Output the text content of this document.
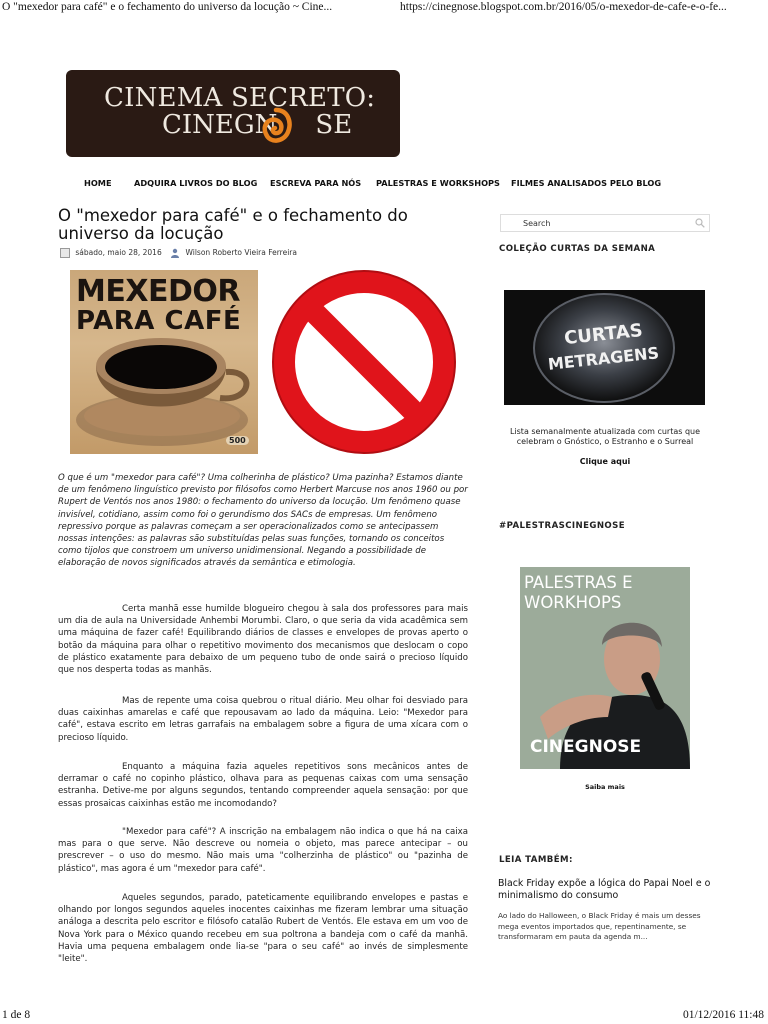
O "mexedor para café" e o fechamento do universo da locução ~ Cine...	https://cinegnose.blogspot.com.br/2016/05/o-mexedor-de-cafe-e-o-fe...
CINEMA SECRETO:
CINEGN SE
HOME	ADQUIRA LIVROS DO BLOG ESCREVA PARA NÓS PALESTRAS E WORKSHOPS FILMES ANALISADOS PELO BLOG
O "mexedor para café" e o fechamento do universo da locução
sábado, maio 28, 2016	Wilson Roberto Vieira Ferreira
MEXEDOR
PARA CAFÉ
500
O que é um "mexedor para café"? Uma colherinha de plástico? Uma pazinha? Estamos diante de um fenômeno linguístico previsto por filósofos como Herbert Marcuse nos anos 1960 ou por Rupert de Ventós nos anos 1980: o fechamento do universo da locução. Um fenômeno quase invisível, cotidiano, assim como foi o gerundismo dos SACs de empresas. Um fenômeno repressivo porque as palavras começam a ser operacionalizados como se antecipassem nossas intenções: as palavras são substituídas pelas suas funções, tornando os conceitos como tijolos que constroem um universo unidimensional. Negando a possibilidade de elaboração de novos significados através da semântica e etimologia.
Certa manhã esse humilde blogueiro chegou à sala dos professores para mais um dia de aula na Universidade Anhembi Morumbi. Claro, o que seria da vida acadêmica sem uma máquina de fazer café! Equilibrando diários de classes e envelopes de provas aperto o botão da máquina para olhar o repetitivo movimento dos mecanismos que deslocam o copo de plástico exatamente para debaixo de um pequeno tubo de onde sairá o precioso líquido que nos desperta todas as manhãs.
Mas de repente uma coisa quebrou o ritual diário. Meu olhar foi desviado para duas caixinhas amarelas e café que repousavam ao lado da máquina. Leio: "Mexedor para café", estava escrito em letras garrafais na embalagem sobre a figura de uma xícara com o precioso líquido.
Enquanto a máquina fazia aqueles repetitivos sons mecânicos antes de derramar o café no copinho plástico, olhava para as pequenas caixas com uma sensação estranha. Detive-me por alguns segundos, tentando compreender aquela sensação: por que essas prosaicas caixinhas estão me incomodando?
"Mexedor para café"? A inscrição na embalagem não indica o que há na caixa mas para o que serve. Não descreve ou nomeia o objeto, mas parece antecipar – ou prescrever – o uso do mesmo. Não mais uma "colherzinha de plástico" ou "pazinha de plástico", mas agora é um "mexedor para café".
Aqueles segundos, parado, pateticamente equilibrando envelopes e pastas e olhando por longos segundos aqueles inocentes caixinhas me fizeram lembrar uma situação análoga a descrita pelo escritor e filósofo catalão Rubert de Ventós. Ele estava em um voo de Nova York para o México quando recebeu em sua poltrona a bandeja com o café da manhã. Havia uma pequena embalagem onde lia-se "para o seu café" ao invés de simplesmente "leite".
Search
COLEÇÃO CURTAS DA SEMANA
CURTAS
METRAGENS
Lista semanalmente atualizada com curtas que celebram o Gnóstico, o Estranho e o Surreal
Clique aqui
#PALESTRASCINEGNOSE
PALESTRAS E
WORKHOPS
CINEGNOSE
Saiba mais
LEIA TAMBÉM:
Black Friday expõe a lógica do Papai Noel e o minimalismo do consumo
Ao lado do Halloween, o Black Friday é mais um desses mega eventos importados que, repentinamente, se transformaram em pauta da agenda m...
1 de 8	01/12/2016 11:48
